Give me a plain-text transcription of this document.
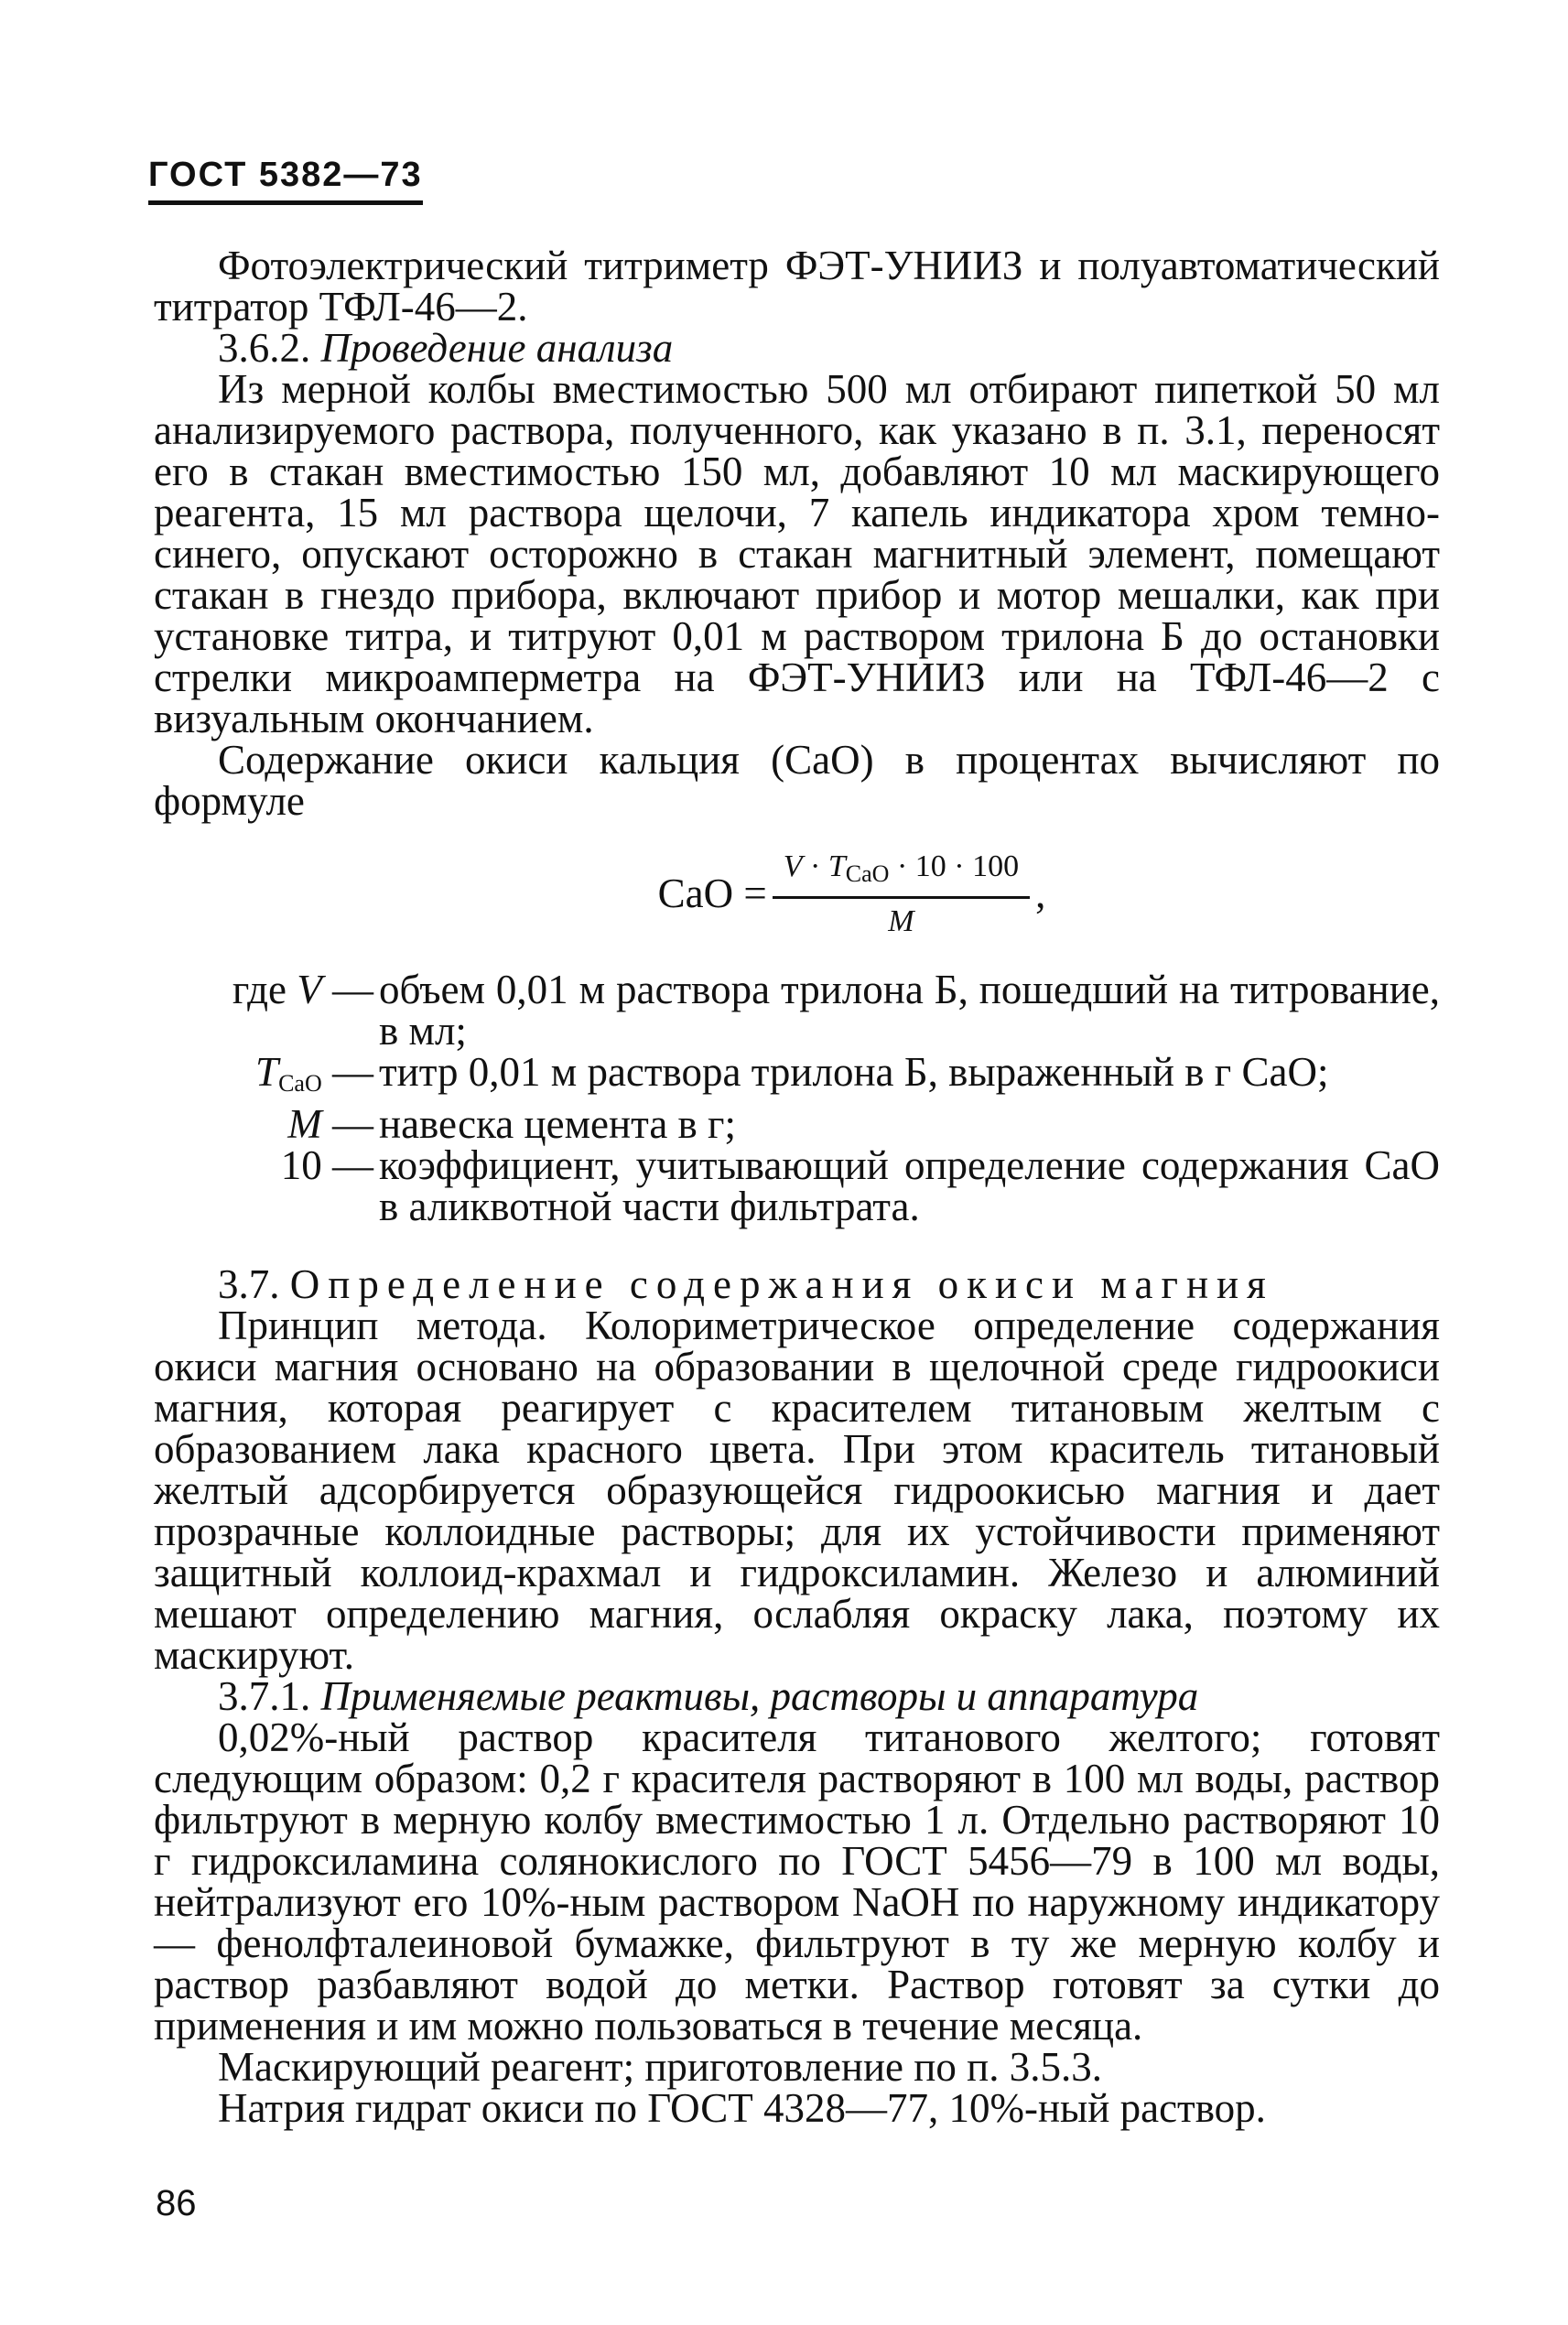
ГОСТ 5382—73

Фотоэлектрический титриметр ФЭТ-УНИИЗ и полуавтоматический титратор ТФЛ-46—2.

3.6.2. Проведение анализа

Из мерной колбы вместимостью 500 мл отбирают пипеткой 50 мл анализируемого раствора, полученного, как указано в п. 3.1, переносят его в стакан вместимостью 150 мл, добавляют 10 мл маскирующего реагента, 15 мл раствора щелочи, 7 капель индикатора хром темно-синего, опускают осторожно в стакан магнитный элемент, помещают стакан в гнездо прибора, включают прибор и мотор мешалки, как при установке титра, и титруют 0,01 м раствором трилона Б до остановки стрелки микроамперметра на ФЭТ-УНИИЗ или на ТФЛ-46—2 с визуальным окончанием.

Содержание окиси кальция (СаО) в процентах вычисляют по формуле

CaO = $\frac{V \cdot T_{CaO} \cdot 10 \cdot 100}{M}$ ,
где V — объем 0,01 м раствора трилона Б, пошедший на титрование, в мл;
$T_{CaO}$ — титр 0,01 м раствора трилона Б, выраженный в г CaO;
M — навеска цемента в г;
10 — коэффициент, учитывающий определение содержания CaO в аликвотной части фильтрата.

3.7. Определение содержания окиси магния

Принцип метода. Колориметрическое определение содержания окиси магния основано на образовании в щелочной среде гидроокиси магния, которая реагирует с красителем титановым желтым с образованием лака красного цвета. При этом краситель титановый желтый адсорбируется образующейся гидроокисью магния и дает прозрачные коллоидные растворы; для их устойчивости применяют защитный коллоид-крахмал и гидроксиламин. Железо и алюминий мешают определению магния, ослабляя окраску лака, поэтому их маскируют.

3.7.1. Применяемые реактивы, растворы и аппаратура

0,02%-ный раствор красителя титанового желтого; готовят следующим образом: 0,2 г красителя растворяют в 100 мл воды, раствор фильтруют в мерную колбу вместимостью 1 л. Отдельно растворяют 10 г гидроксиламина солянокислого по ГОСТ 5456—79 в 100 мл воды, нейтрализуют его 10%-ным раствором NaOH по наружному индикатору — фенолфталеиновой бумажке, фильтруют в ту же мерную колбу и раствор разбавляют водой до метки. Раствор готовят за сутки до применения и им можно пользоваться в течение месяца.

Маскирующий реагент; приготовление по п. 3.5.3.

Натрия гидрат окиси по ГОСТ 4328—77, 10%-ный раствор.

86
